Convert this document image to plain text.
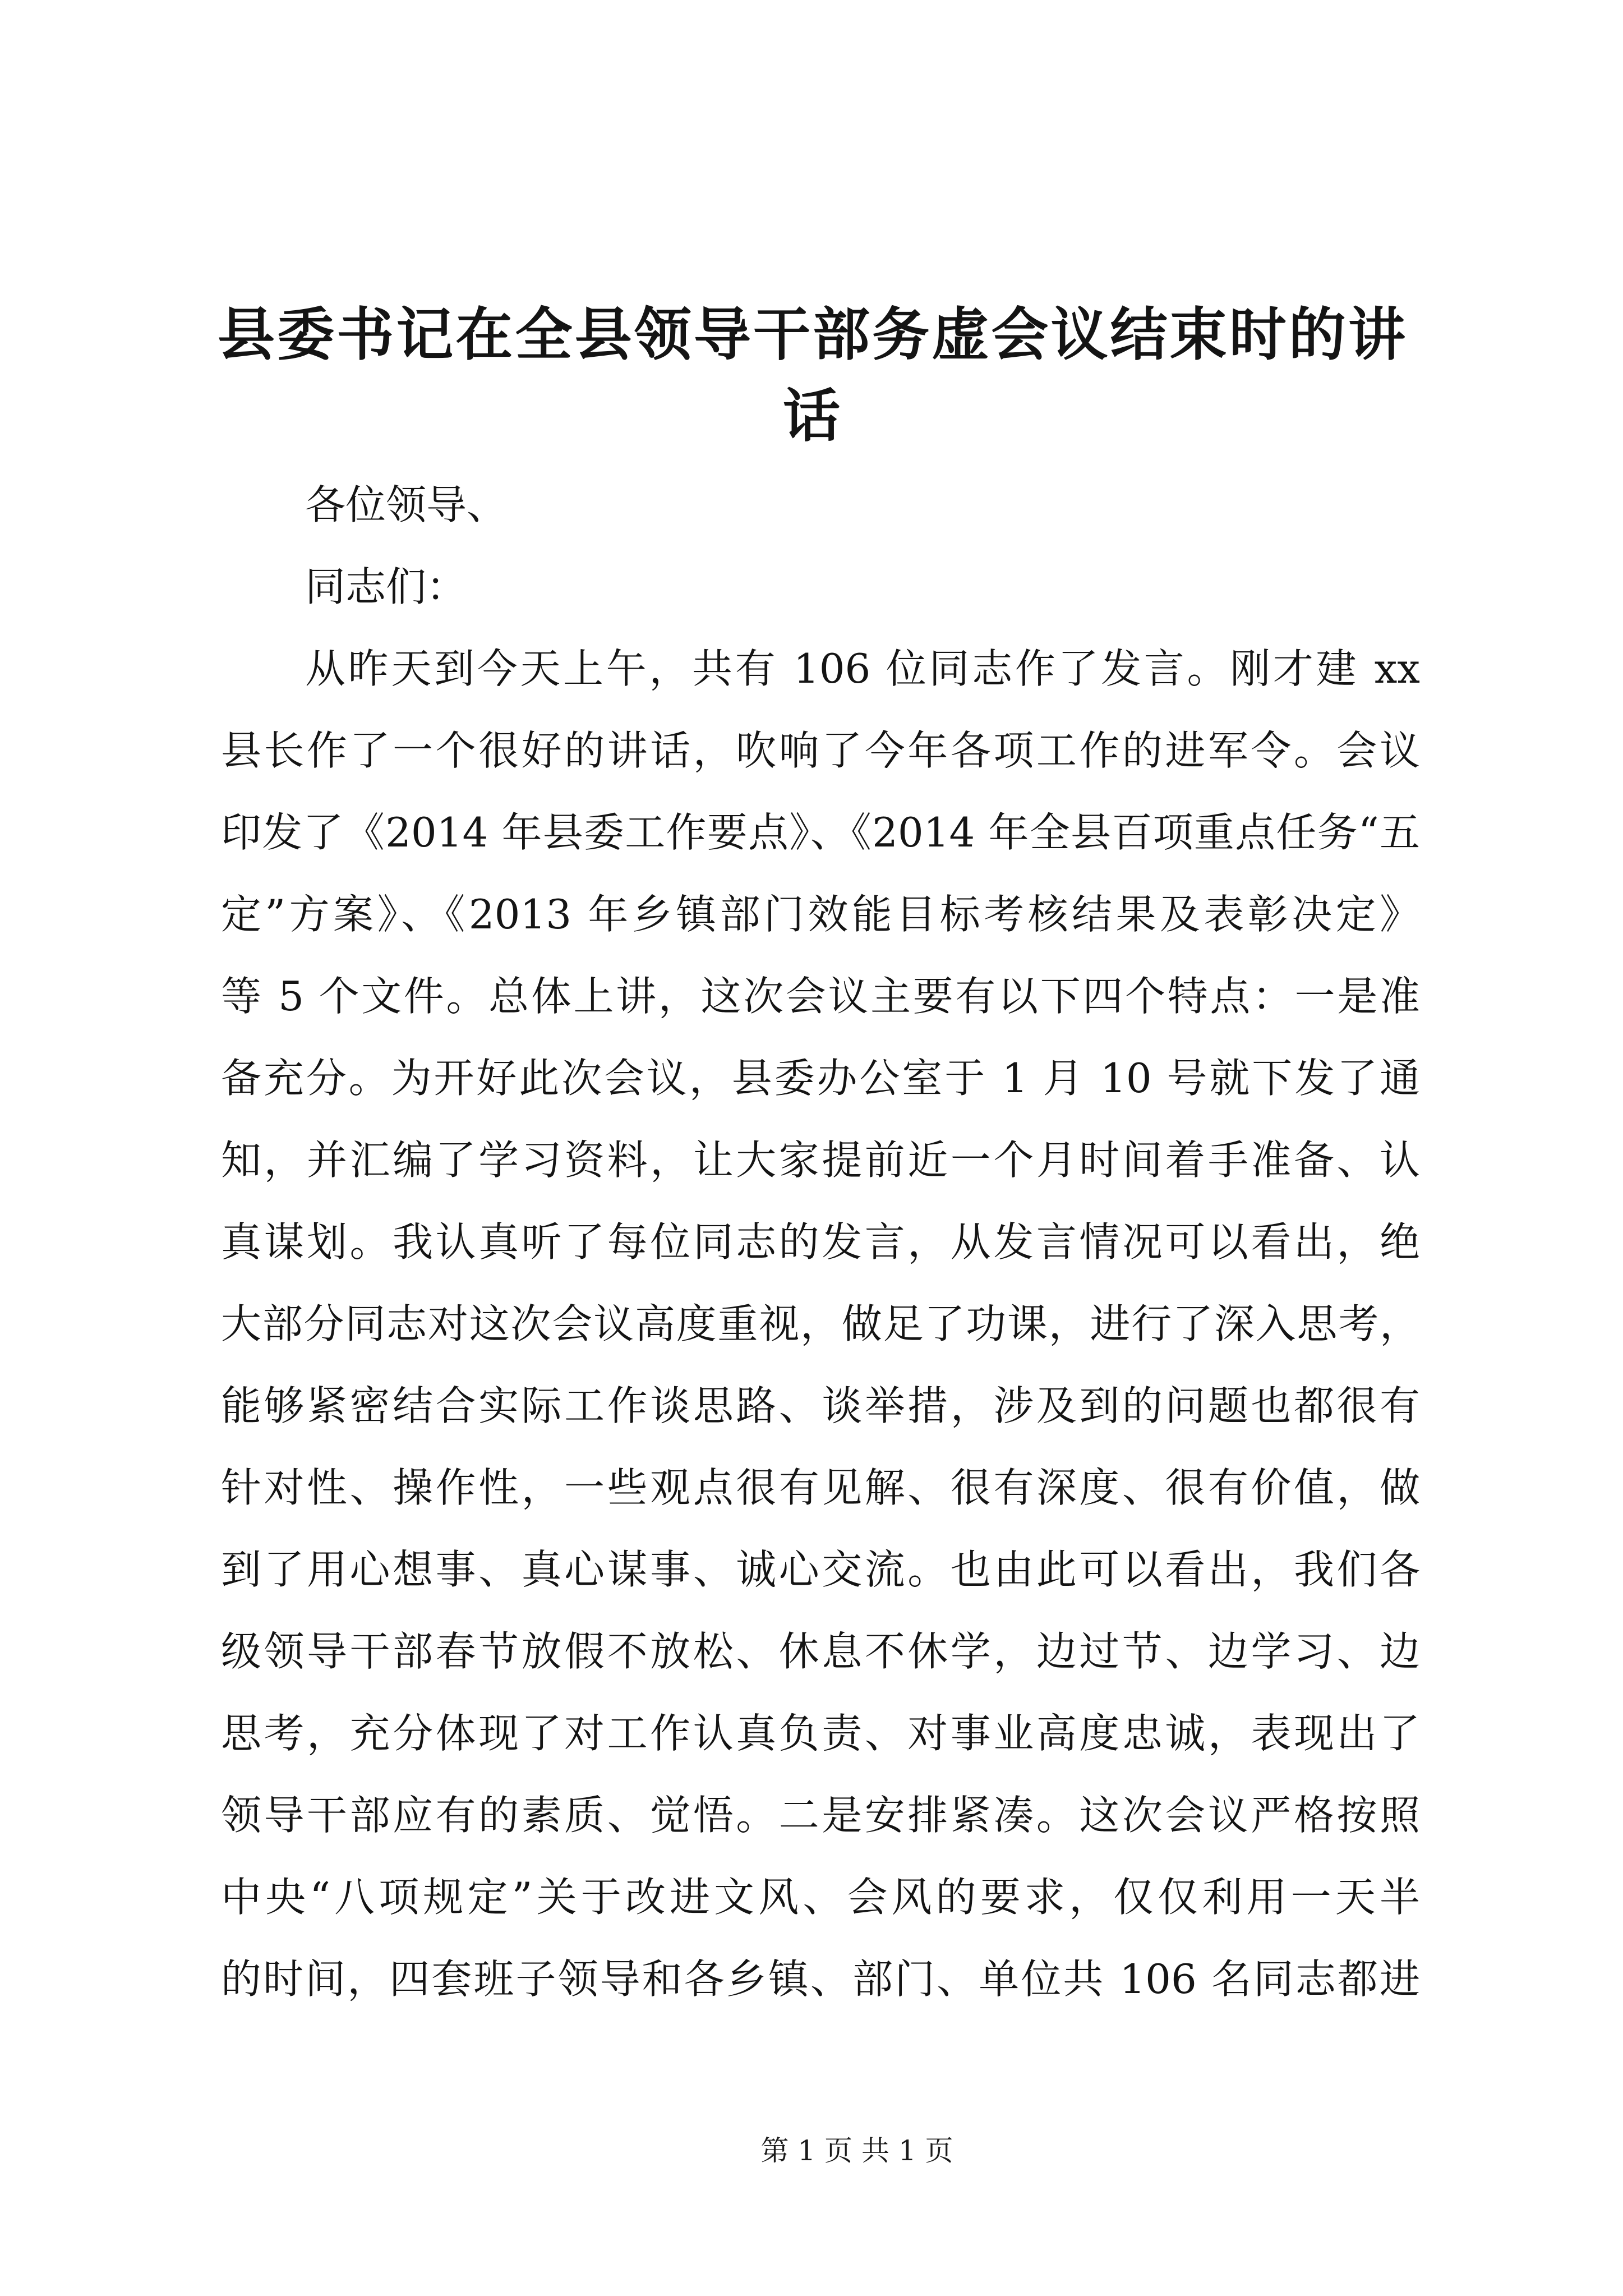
县委书记在全县领导干部务虚会议结束时的讲
话
各位领导、
同志们：
从昨天到今天上午，共有 106 位同志作了发言。刚才建 xx
县长作了一个很好的讲话，吹响了今年各项工作的进军令。会议
印发了《2014 年县委工作要点》、《2014 年全县百项重点任务“五
定”方案》、《2013 年乡镇部门效能目标考核结果及表彰决定》
等 5 个文件。总体上讲，这次会议主要有以下四个特点：一是准
备充分。为开好此次会议，县委办公室于 1 月 10 号就下发了通
知，并汇编了学习资料，让大家提前近一个月时间着手准备、认
真谋划。我认真听了每位同志的发言，从发言情况可以看出，绝
大部分同志对这次会议高度重视，做足了功课，进行了深入思考，
能够紧密结合实际工作谈思路、谈举措，涉及到的问题也都很有
针对性、操作性，一些观点很有见解、很有深度、很有价值，做
到了用心想事、真心谋事、诚心交流。也由此可以看出，我们各
级领导干部春节放假不放松、休息不休学，边过节、边学习、边
思考，充分体现了对工作认真负责、对事业高度忠诚，表现出了
领导干部应有的素质、觉悟。二是安排紧凑。这次会议严格按照
中央“八项规定”关于改进文风、会风的要求，仅仅利用一天半
的时间，四套班子领导和各乡镇、部门、单位共 106 名同志都进
第 1 页 共 1 页
